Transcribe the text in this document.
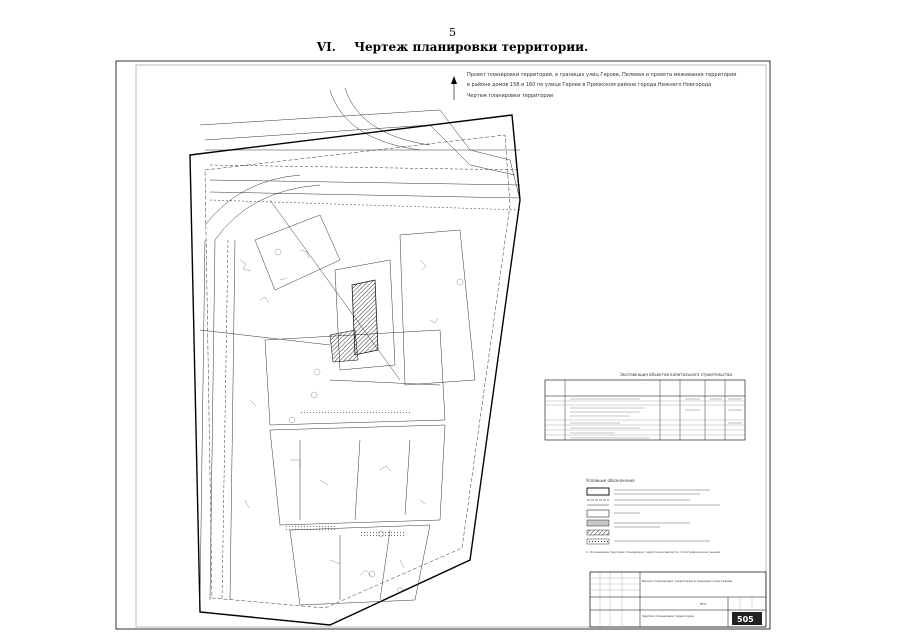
5
VI. Чертеж планировки территории.
Проект планировки территории, в границах улиц Героев, Пелевая и проекта межевания территории
в районе домов 158 и 160 по улице Героев в Приокском районе города Нижнего Новгорода
Чертеж планировки территории
Экспликация объектов капитального строительства
Условные обозначения
1. Основанием Чертежа планировки территории является топографическая съемка
Проект планировки территории в границах улиц Героев
Чертеж планировки территории
ППТ
505
